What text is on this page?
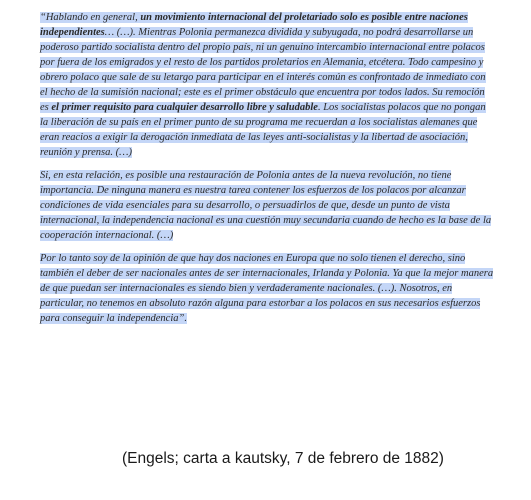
“Hablando en general, un movimiento internacional del proletariado solo es posible entre naciones independientes… (…). Mientras Polonia permanezca dividida y subyugada, no podrá desarrollarse un poderoso partido socialista dentro del propio país, ni un genuino intercambio internacional entre polacos por fuera de los emigrados y el resto de los partidos proletarios en Alemania, etcétera. Todo campesino y obrero polaco que sale de su letargo para participar en el interés común es confrontado de inmediato con el hecho de la sumisión nacional; este es el primer obstáculo que encuentra por todos lados. Su remoción es el primer requisito para cualquier desarrollo libre y saludable. Los socialistas polacos que no pongan la liberación de su país en el primer punto de su programa me recuerdan a los socialistas alemanes que eran reacios a exigir la derogación inmediata de las leyes anti-socialistas y la libertad de asociación, reunión y prensa. (…)

Si, en esta relación, es posible una restauración de Polonia antes de la nueva revolución, no tiene importancia. De ninguna manera es nuestra tarea contener los esfuerzos de los polacos por alcanzar condiciones de vida esenciales para su desarrollo, o persuadirlos de que, desde un punto de vista internacional, la independencia nacional es una cuestión muy secundaria cuando de hecho es la base de la cooperación internacional. (…)

Por lo tanto soy de la opinión de que hay dos naciones en Europa que no solo tienen el derecho, sino también el deber de ser nacionales antes de ser internacionales, Irlanda y Polonia. Ya que la mejor manera de que puedan ser internacionales es siendo bien y verdaderamente nacionales. (…). Nosotros, en particular, no tenemos en absoluto razón alguna para estorbar a los polacos en sus necesarios esfuerzos para conseguir la independencia”.

(Engels; carta a kautsky, 7 de febrero de 1882)
